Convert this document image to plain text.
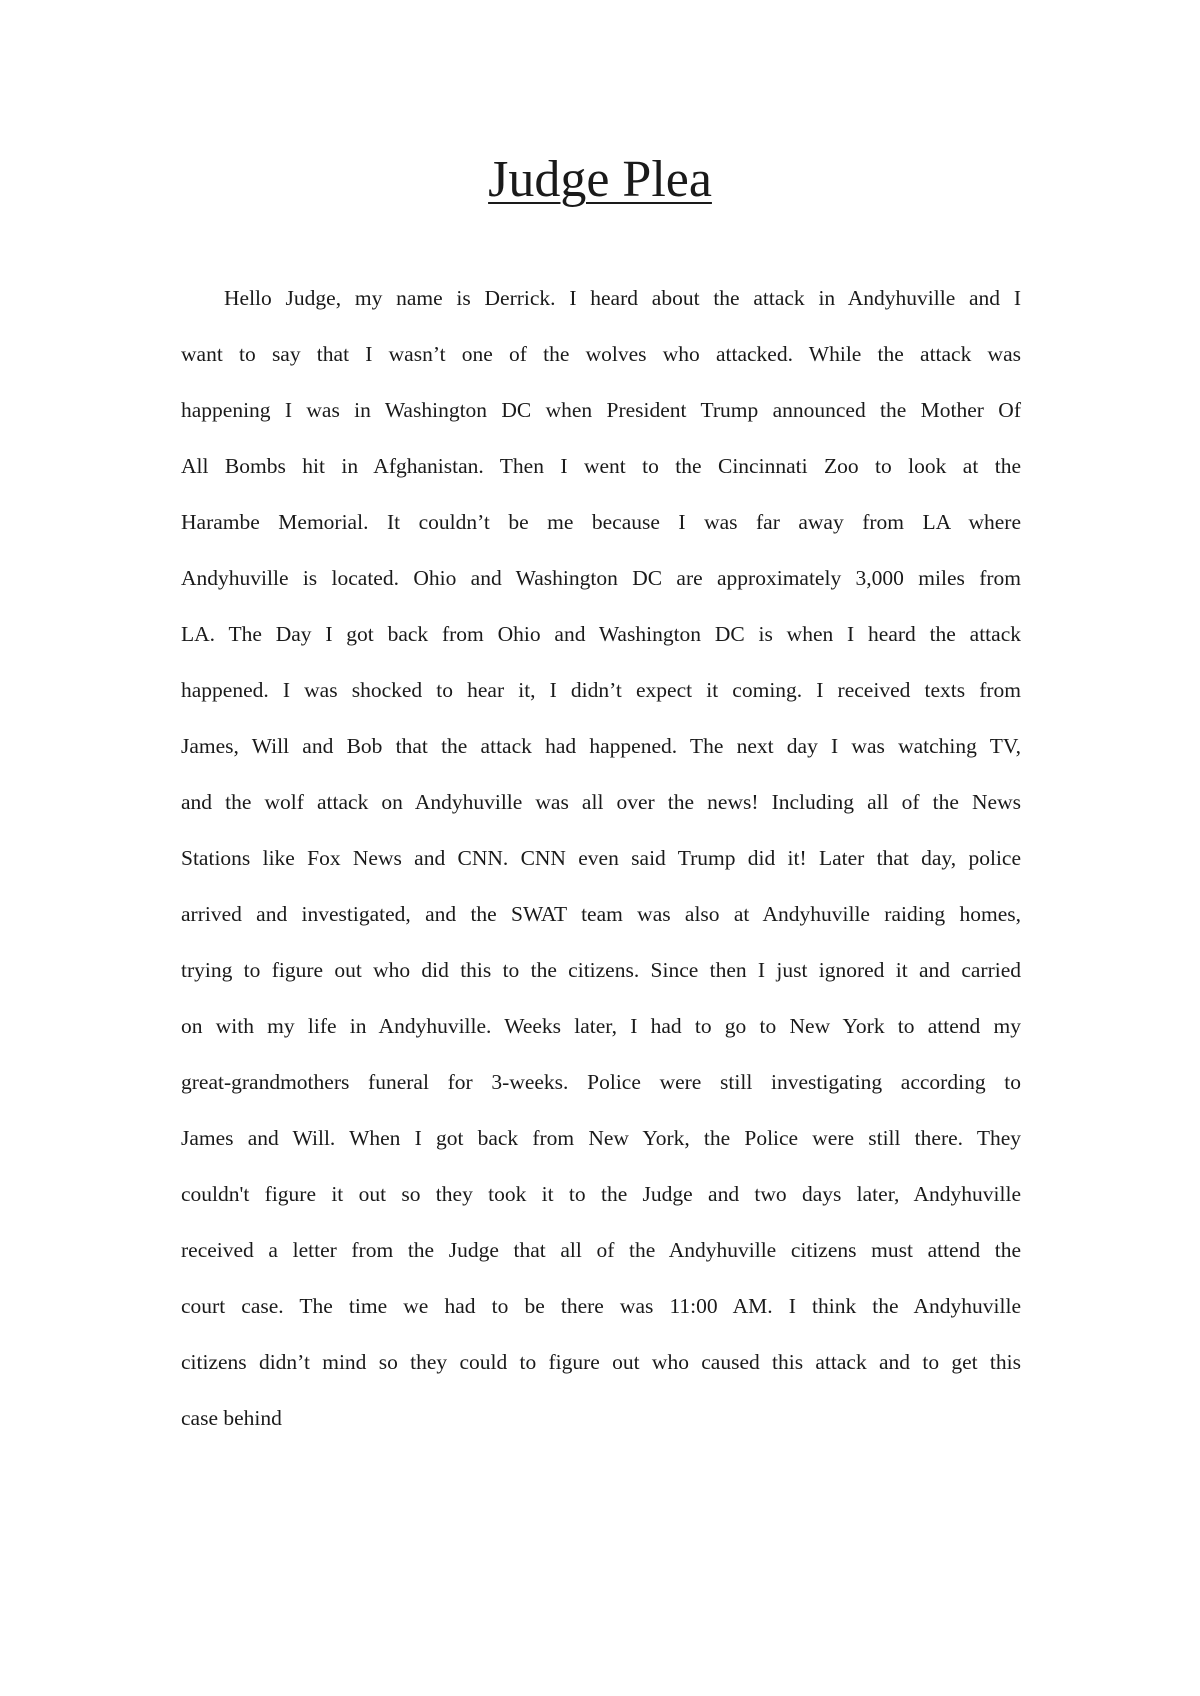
Judge Plea
Hello Judge, my name is Derrick. I heard about the attack in Andyhuville and I
want to say that I wasn’t one of the wolves who attacked. While the attack was
happening I was in Washington DC when President Trump announced the Mother Of
All Bombs hit in Afghanistan. Then I went to the Cincinnati Zoo to look at the
Harambe Memorial. It couldn’t be me because I was far away from LA where
Andyhuville is located. Ohio and Washington DC are approximately 3,000 miles from
LA. The Day I got back from Ohio and Washington DC is when I heard the attack
happened. I was shocked to hear it, I didn’t expect it coming. I received texts from
James, Will and Bob that the attack had happened. The next day I was watching TV,
and the wolf attack on Andyhuville was all over the news! Including all of the News
Stations like Fox News and CNN. CNN even said Trump did it! Later that day, police
arrived and investigated, and the SWAT team was also at Andyhuville raiding homes,
trying to figure out who did this to the citizens. Since then I just ignored it and carried
on with my life in Andyhuville. Weeks later, I had to go to New York to attend my
great-grandmothers funeral for 3-weeks. Police were still investigating according to
James and Will. When I got back from New York, the Police were still there. They
couldn't figure it out so they took it to the Judge and two days later, Andyhuville
received a letter from the Judge that all of the Andyhuville citizens must attend the
court case. The time we had to be there was 11:00 AM. I think the Andyhuville
citizens didn’t mind so they could to figure out who caused this attack and to get this
case behind
